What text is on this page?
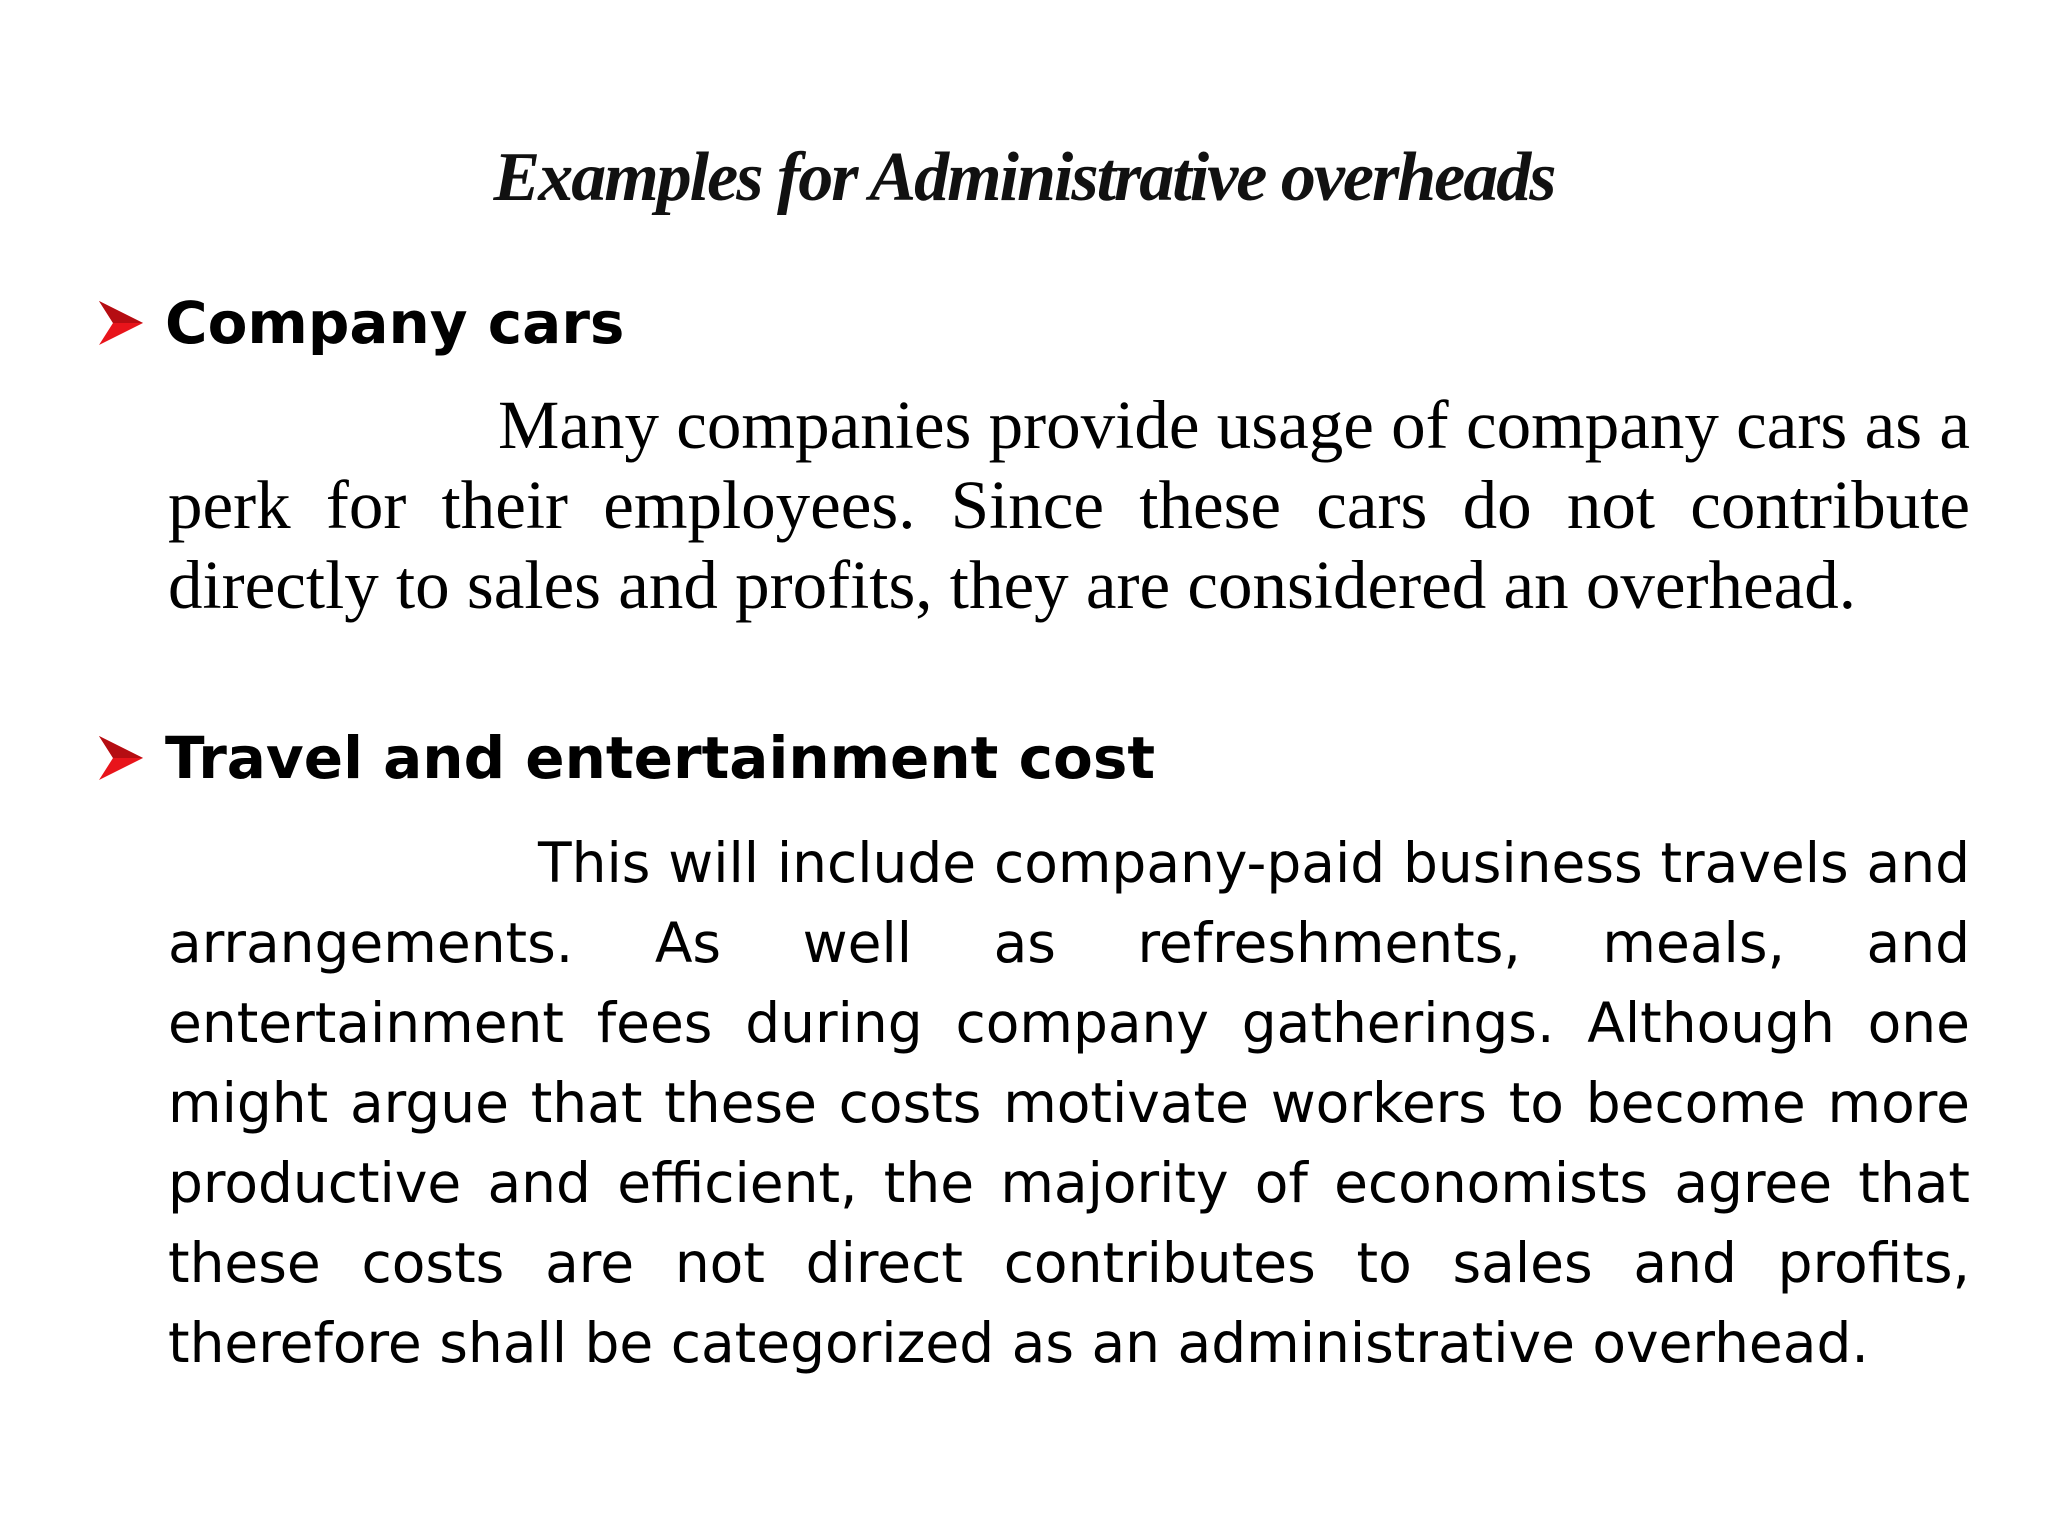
Examples for Administrative overheads
Company cars

Many companies provide usage of company cars as a perk for their employees. Since these cars do not contribute directly to sales and profits, they are considered an overhead.

Travel and entertainment cost

This will include company-paid business travels and arrangements. As well as refreshments, meals, and entertainment fees during company gatherings. Although one might argue that these costs motivate workers to become more productive and efficient, the majority of economists agree that these costs are not direct contributes to sales and profits, therefore shall be categorized as an administrative overhead.
